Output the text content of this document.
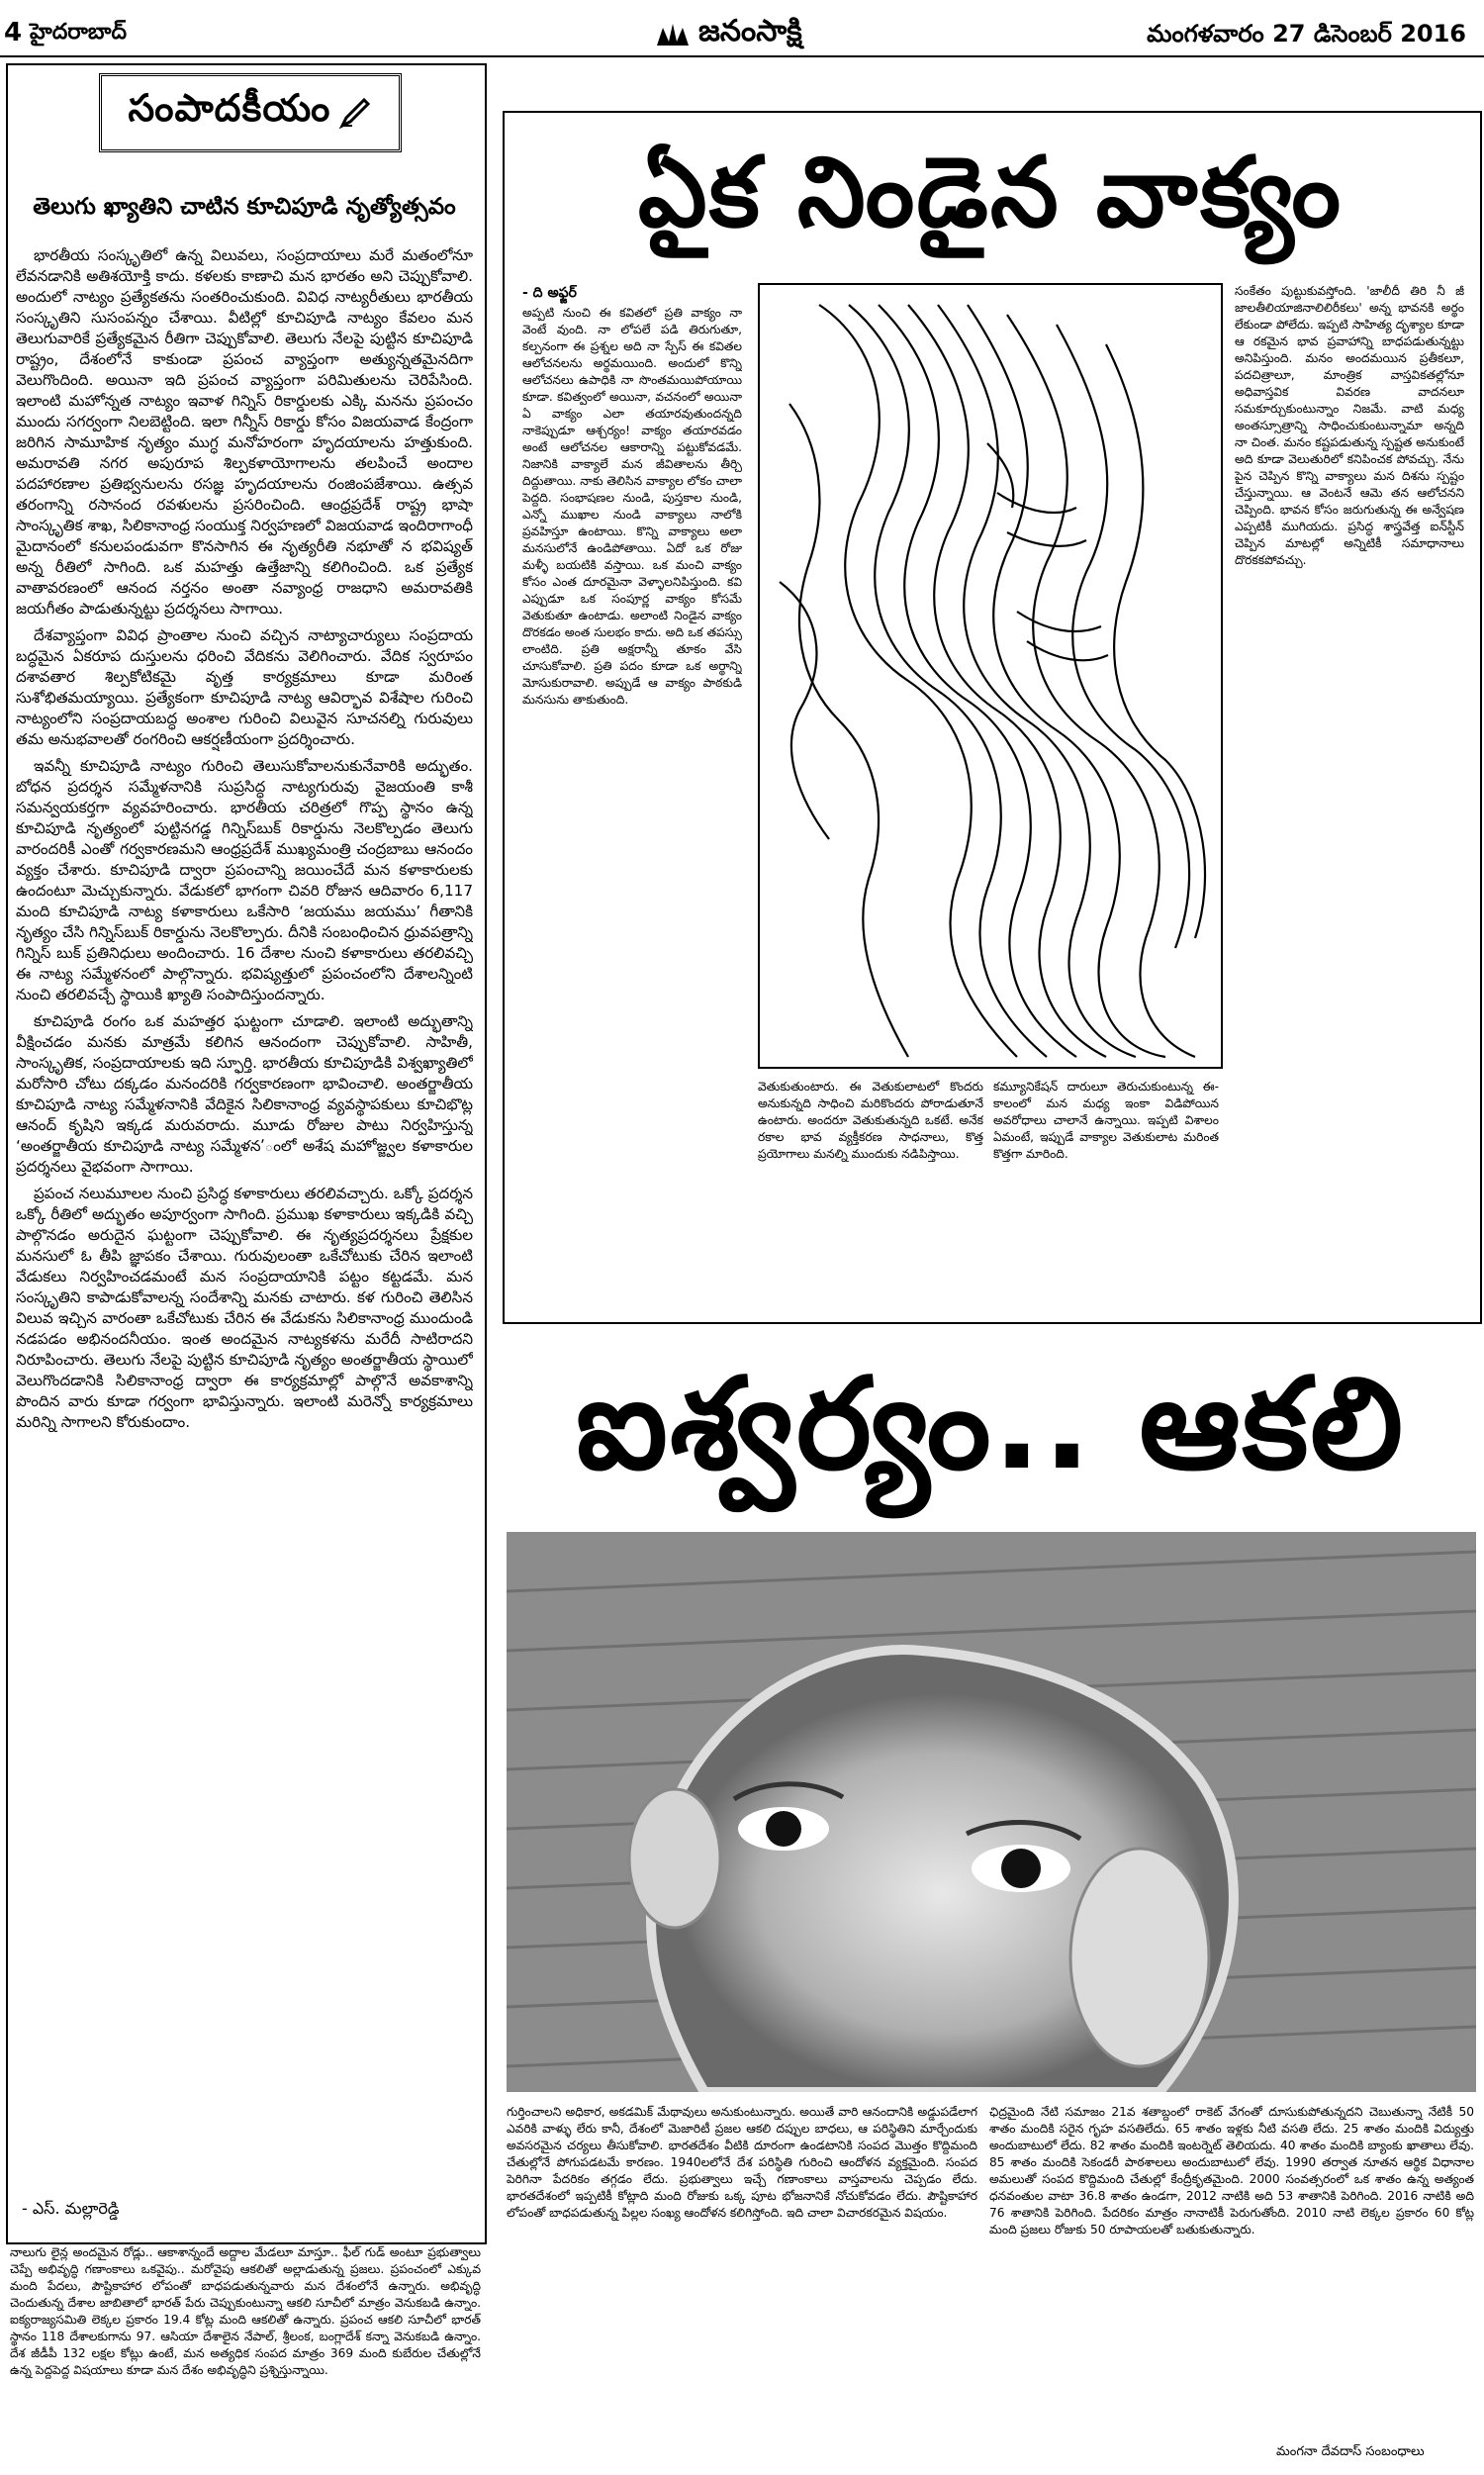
4 హైదరాబాద్	జనంసాక్షి	మంగళవారం 27 డిసెంబర్ 2016
సంపాదకీయం
తెలుగు ఖ్యాతిని చాటిన కూచిపూడి నృత్యోత్సవం

భారతీయ సంస్కృతిలో ఉన్న విలువలు, సంప్రదాయాలు మరే మతంలోనూ లేవనడానికి అతిశయోక్తి కాదు. కళలకు కాణాచి మన భారతం అని చెప్పుకోవాలి. అందులో నాట్యం ప్రత్యేకతను సంతరించుకుంది. వివిధ నాట్యరీతులు భారతీయ సంస్కృతిని సుసంపన్నం చేశాయి. వీటిల్లో కూచిపూడి నాట్యం కేవలం మన తెలుగువారికే ప్రత్యేకమైన రీతిగా చెప్పుకోవాలి. తెలుగు నేలపై పుట్టిన కూచిపూడి రాష్ట్రం, దేశంలోనే కాకుండా ప్రపంచ వ్యాప్తంగా అత్యున్నతమైనదిగా వెలుగొందింది. అయినా ఇది ప్రపంచ వ్యాప్తంగా పరిమితులను చెరిపేసింది. ఇలాంటి మహోన్నత నాట్యం ఇవాళ గిన్నిస్‌ రికార్డులకు ఎక్కి మనను ప్రపంచం ముందు సగర్వంగా నిలబెట్టింది. ఇలా గిన్నీస్‌ రికార్డు కోసం విజయవాడ కేంద్రంగా జరిగిన సామూహిక నృత్యం ముగ్ధ మనోహరంగా హృదయాలను హత్తుకుంది. అమరావతి నగర అపురూప శిల్పకళాయోగాలను తలపించే అందాల పదహారణాల ప్రతిభ్వనులను రసజ్ఞ హృదయాలను రంజింపజేశాయి. ఉత్సవ తరంగాన్ని రసానంద రవళులను ప్రసరించింది. ఆంధ్రప్రదేశ్‌ రాష్ట్ర భాషా సాంస్కృతిక శాఖ, సిలికానాంధ్ర సంయుక్త నిర్వహణలో విజయవాడ ఇందిరాగాంధీ మైదానంలో కనులపండువగా కొనసాగిన ఈ నృత్యరీతి నభూతో న భవిష్యత్‌ అన్న రీతిలో సాగింది. ఒక మహత్తు ఉత్తేజాన్ని కలిగించింది. ఒక ప్రత్యేక వాతావరణంలో ఆనంద నర్తనం అంతా నవ్యాంధ్ర రాజధాని అమరావతికి జయగీతం పాడుతున్నట్టు ప్రదర్శనలు సాగాయి.

దేశవ్యాప్తంగా వివిధ ప్రాంతాల నుంచి వచ్చిన నాట్యాచార్యులు సంప్రదాయ బద్ధమైన ఏకరూప దుస్తులను ధరించి వేదికను వెలిగించారు. వేదిక స్వరూపం దశావతార శిల్పకోటికమై వృత్త కార్యక్రమాలు కూడా మరింత సుశోభితమయ్యాయి. ప్రత్యేకంగా కూచిపూడి నాట్య ఆవిర్భావ విశేషాల గురించి నాట్యంలోని సంప్రదాయబద్ధ అంశాల గురించి విలువైన సూచనల్ని గురువులు తమ అనుభవాలతో రంగరించి ఆకర్షణీయంగా ప్రదర్శించారు.

ఇవన్నీ కూచిపూడి నాట్యం గురించి తెలుసుకోవాలనుకునేవారికి అద్భుతం. బోధన ప్రదర్శన సమ్మేళనానికి సుప్రసిద్ధ నాట్యగురువు వైజయంతి కాశీ సమన్వయకర్తగా వ్యవహరించారు. భారతీయ చరిత్రలో గొప్ప స్థానం ఉన్న కూచిపూడి నృత్యంలో పుట్టినగడ్డ గిన్నిస్‌బుక్‌ రికార్డును నెలకొల్పడం తెలుగు వారందరికీ ఎంతో గర్వకారణమని ఆంధ్రప్రదేశ్‌ ముఖ్యమంత్రి చంద్రబాబు ఆనందం వ్యక్తం చేశారు. కూచిపూడి ద్వారా ప్రపంచాన్ని జయించేదే మన కళాకారులకు ఉందంటూ మెచ్చుకున్నారు. వేడుకలో భాగంగా చివరి రోజున ఆదివారం 6,117 మంది కూచిపూడి నాట్య కళాకారులు ఒకేసారి ‘జయము జయము’ గీతానికి నృత్యం చేసి గిన్నిస్‌బుక్‌ రికార్డును నెలకొల్పారు. దీనికి సంబంధించిన ధ్రువపత్రాన్ని గిన్నిస్‌ బుక్‌ ప్రతినిధులు అందించారు. 16 దేశాల నుంచి కళాకారులు తరలివచ్చి ఈ నాట్య సమ్మేళనంలో పాల్గొన్నారు. భవిష్యత్తులో ప్రపంచంలోని దేశాలన్నింటి నుంచి తరలివచ్చే స్థాయికి ఖ్యాతి సంపాదిస్తుందన్నారు.

కూచిపూడి రంగం ఒక మహత్తర ఘట్టంగా చూడాలి. ఇలాంటి అద్భుతాన్ని వీక్షించడం మనకు మాత్రమే కలిగిన ఆనందంగా చెప్పుకోవాలి. సాహితీ, సాంస్కృతిక, సంప్రదాయాలకు ఇది స్ఫూర్తి. భారతీయ కూచిపూడికి విశ్వఖ్యాతిలో మరోసారి చోటు దక్కడం మనందరికి గర్వకారణంగా భావించాలి. అంతర్జాతీయ కూచిపూడి నాట్య సమ్మేళనానికి వేదికైన సిలికానాంధ్ర వ్యవస్థాపకులు కూచిభొట్ల ఆనంద్‌ కృషిని ఇక్కడ మరువరాదు. మూడు రోజుల పాటు నిర్వహిస్తున్న ‘అంతర్జాతీయ కూచిపూడి నాట్య సమ్మేళన’ంలో అశేష మహోజ్జ్వల కళాకారుల ప్రదర్శనలు వైభవంగా సాగాయి.

ప్రపంచ నలుమూలల నుంచి ప్రసిద్ధ కళాకారులు తరలివచ్చారు. ఒక్కో ప్రదర్శన ఒక్కో రీతిలో అద్భుతం అపూర్వంగా సాగింది. ప్రముఖ కళాకారులు ఇక్కడికి వచ్చి పాల్గొనడం అరుదైన ఘట్టంగా చెప్పుకోవాలి. ఈ నృత్యప్రదర్శనలు ప్రేక్షకుల మనసులో ఓ తీపి జ్ఞాపకం చేశాయి. గురువులంతా ఒకేచోటుకు చేరిన ఇలాంటి వేడుకలు నిర్వహించడమంటే మన సంప్రదాయానికి పట్టం కట్టడమే. మన సంస్కృతిని కాపాడుకోవాలన్న సందేశాన్ని మనకు చాటారు. కళ గురించి తెలిసిన విలువ ఇచ్చిన వారంతా ఒకేచోటుకు చేరిన ఈ వేడుకను సిలికానాంధ్ర ముందుండి నడపడం అభినందనీయం. ఇంత అందమైన నాట్యకళను మరేదీ సాటిరాదని నిరూపించారు. తెలుగు నేలపై పుట్టిన కూచిపూడి నృత్యం అంతర్జాతీయ స్థాయిలో వెలుగొందడానికి సిలికానాంధ్ర ద్వారా ఈ కార్యక్రమాల్లో పాల్గొనే అవకాశాన్ని పొందిన వారు కూడా గర్వంగా భావిస్తున్నారు. ఇలాంటి మరెన్నో కార్యక్రమాలు మరిన్ని సాగాలని కోరుకుందాం.

- ఎస్‌. మల్లారెడ్డి

నాలుగు లైన్ల అందమైన రోడ్లు.. ఆకాశాన్నందే అద్దాల మేడలూ మాస్తూ.. ఫీల్‌ గుడ్‌ అంటూ ప్రభుత్వాలు చెప్పే అభివృద్ధి గణాంకాలు ఒకవైపు.. మరోవైపు ఆకలితో అల్లాడుతున్న ప్రజలు. ప్రపంచంలో ఎక్కువ మంది పేదలు, పౌష్టికాహార లోపంతో బాధపడుతున్నవారు మన దేశంలోనే ఉన్నారు. అభివృద్ధి చెందుతున్న దేశాల జాబితాలో భారత్‌ పేరు చెప్పుకుంటున్నా ఆకలి సూచీలో మాత్రం వెనుకబడి ఉన్నాం. ఐక్యరాజ్యసమితి లెక్కల ప్రకారం 19.4 కోట్ల మంది ఆకలితో ఉన్నారు. ప్రపంచ ఆకలి సూచీలో భారత్‌ స్థానం 118 దేశాలకుగాను 97. ఆసియా దేశాలైన నేపాల్‌, శ్రీలంక, బంగ్లాదేశ్‌ కన్నా వెనుకబడి ఉన్నాం. దేశ జీడీపీ 132 లక్షల కోట్లు ఉంటే, మన అత్యధిక సంపద మాత్రం 369 మంది కుబేరుల చేతుల్లోనే ఉన్న పెద్దపెద్ద విషయాలు కూడా మన దేశం అభివృద్ధిని ప్రశ్నిస్తున్నాయి.

ఏౖక నిండైన వాక్యం
- ది అఫ్జర్‌

అప్పటి నుంచి ఈ కవితలో ప్రతి వాక్యం నా వెంటే వుంది. నా లోపలే పడి తిరుగుతూ, కల్పనంగా ఈ ప్రశ్నల అది నా స్పేస్‌ ఈ కవితల ఆలోచనలను అర్థమయింది. అందులో కొన్ని ఆలోచనలు ఉపాధికి నా సొంతమయిపోయాయి కూడా. కవిత్వంలో అయినా, వచనంలో అయినా ఏ వాక్యం ఎలా తయారవుతుందన్నది నాకెప్పుడూ ఆశ్చర్యం! వాక్యం తయారవడం అంటే ఆలోచనల ఆకారాన్ని పట్టుకోవడమే. నిజానికి వాక్యాలే మన జీవితాలను తీర్చి దిద్దుతాయి. నాకు తెలిసిన వాక్యాల లోకం చాలా పెద్దది. సంభాషణల నుండి, పుస్తకాల నుండి, ఎన్నో ముఖాల నుండి వాక్యాలు నాలోకి ప్రవహిస్తూ ఉంటాయి. కొన్ని వాక్యాలు అలా మనసులోనే ఉండిపోతాయి. ఏదో ఒక రోజు మళ్ళీ బయటికి వస్తాయి. ఒక మంచి వాక్యం కోసం ఎంత దూరమైనా వెళ్ళాలనిపిస్తుంది. కవి ఎప్పుడూ ఒక సంపూర్ణ వాక్యం కోసమే వెతుకుతూ ఉంటాడు. అలాంటి నిండైన వాక్యం దొరకడం అంత సులభం కాదు. అది ఒక తపస్సు లాంటిది. ప్రతి అక్షరాన్నీ తూకం వేసి చూసుకోవాలి. ప్రతి పదం కూడా ఒక అర్థాన్ని మోసుకురావాలి. అప్పుడే ఆ వాక్యం పాఠకుడి మనసును తాకుతుంది.

సంకేతం పుట్టుకువస్తోంది. 'జాలీదీ తిరి నీ జీ జాలతీలియాజినాలిలిరీకలు' అన్న భావనకి అర్థం లేకుండా పోలేదు. ఇప్పటి సాహిత్య దృశ్యాల కూడా ఆ రకమైన భావ ప్రవాహాన్ని బాధపడుతున్నట్టు అనిపిస్తుంది. మనం అందమయిన ప్రతీకలూ, పదచిత్రాలూ, మాంత్రిక వాస్తవికతల్లోనూ అధివాస్తవిక వివరణ వాదనలూ సమకూర్చుకుంటున్నాం నిజమే. వాటి మధ్య అంతస్సూత్రాన్ని సాధించుకుంటున్నామా అన్నది నా చింత. మనం కష్టపడుతున్న స్పష్టత అనుకుంటే అది కూడా వెలుతురిలో కనిపించక పోవచ్చు. నేను పైన చెప్పిన కొన్ని వాక్యాలు మన దిశను స్పష్టం చేస్తున్నాయి. ఆ వెంటనే ఆమె తన ఆలోచనని చెప్పింది. భావన కోసం జరుగుతున్న ఈ అన్వేషణ ఎప్పటికీ ముగియదు. ప్రసిద్ధ శాస్త్రవేత్త ఐన్‌స్టీన్‌ చెప్పిన మాటల్లో అన్నిటికీ సమాధానాలు దొరకకపోవచ్చు.

వెతుకుతుంటారు. ఈ వెతుకులాటలో కొందరు అనుకున్నది సాధించి మరికొందరు పోరాడుతూనే ఉంటారు. అందరూ వెతుకుతున్నది ఒకటే. అనేక రకాల భావ వ్యక్తీకరణ సాధనాలు, కొత్త ప్రయోగాలు మనల్ని ముందుకు నడిపిస్తాయి.

కమ్యూనికేషన్‌ దారులూ తెరుచుకుంటున్న ఈ-కాలంలో మన మధ్య ఇంకా విడిపోయిన అవరోధాలు చాలానే ఉన్నాయి. ఇప్పటి విశాలం ఏమంటే, ఇప్పుడే వాక్యాల వెతుకులాట మరింత కొత్తగా మారింది.

ఐశ్వర్యం.. ఆకలి

గుర్తించాలని అధికార, అకడమిక్‌ మేథావులు అనుకుంటున్నారు. అయితే వారి ఆనందానికి అడ్డుపడేలాగ ఎవరికి వాళ్ళు లేరు కానీ, దేశంలో మెజారిటీ ప్రజల ఆకలి దప్పుల బాధలు, ఆ పరిస్థితిని మార్చేందుకు అవసరమైన చర్యలు తీసుకోవాలి. భారతదేశం వీటికి దూరంగా ఉండటానికి సంపద మొత్తం కొద్దిమంది చేతుల్లోనే పోగుపడటమే కారణం. 1940లలోనే దేశ పరిస్థితి గురించి ఆందోళన వ్యక్తమైంది. సంపద పెరిగినా పేదరికం తగ్గడం లేదు. ప్రభుత్వాలు ఇచ్చే గణాంకాలు వాస్తవాలను చెప్పడం లేదు. భారతదేశంలో ఇప్పటికీ కోట్లాది మంది రోజుకు ఒక్క పూట భోజనానికే నోచుకోవడం లేదు. పౌష్టికాహార లోపంతో బాధపడుతున్న పిల్లల సంఖ్య ఆందోళన కలిగిస్తోంది. ఇది చాలా విచారకరమైన విషయం.

ఛిద్రమైంది నేటి సమాజం 21వ శతాబ్దంలో రాకెట్‌ వేగంతో దూసుకుపోతున్నదని చెబుతున్నా నేటికీ 50 శాతం మందికి సరైన గృహ వసతిలేదు. 65 శాతం ఇళ్లకు నీటి వసతి లేదు. 25 శాతం మందికి విద్యుత్తు అందుబాటులో లేదు. 82 శాతం మందికి ఇంటర్నెట్‌ తెలియదు. 40 శాతం మందికి బ్యాంకు ఖాతాలు లేవు. 85 శాతం మందికి సెకండరీ పాఠశాలలు అందుబాటులో లేవు. 1990 తర్వాత నూతన ఆర్థిక విధానాల అమలుతో సంపద కొద్దిమంది చేతుల్లో కేంద్రీకృతమైంది. 2000 సంవత్సరంలో ఒక శాతం ఉన్న అత్యంత ధనవంతుల వాటా 36.8 శాతం ఉండగా, 2012 నాటికి అది 53 శాతానికి పెరిగింది. 2016 నాటికి అది 76 శాతానికి పెరిగింది. పేదరికం మాత్రం నానాటికీ పెరుగుతోంది. 2010 నాటి లెక్కల ప్రకారం 60 కోట్ల మంది ప్రజలు రోజుకు 50 రూపాయలతో బతుకుతున్నారు.

మంగనా దేవదాస్‌ సంబంధాలు
